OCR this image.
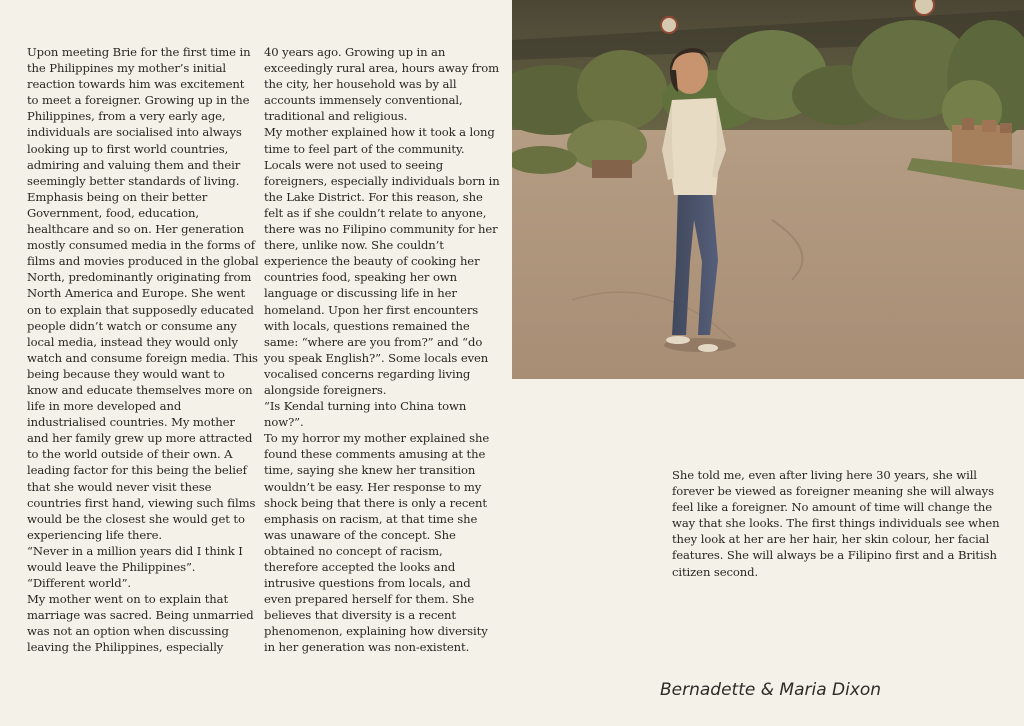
Upon meeting Brie for the first time in the Philippines my mother’s initial reaction towards him was excitement to meet a foreigner. Growing up in the Philippines, from a very early age, individuals are socialised into always looking up to first world countries, admiring and valuing them and their seemingly better standards of living. Emphasis being on their better Government, food, education, healthcare and so on. Her generation mostly consumed media in the forms of films and movies produced in the global North, predominantly originating from North America and Europe. She went on to explain that supposedly educated people didn’t watch or consume any local media, instead they would only watch and consume foreign media. This being because they would want to know and educate themselves more on life in more developed and industrialised countries. My mother and her family grew up more attracted to the world outside of their own. A leading factor for this being the belief that she would never visit these countries first hand, viewing such films would be the closest she would get to experiencing life there.

“Never in a million years did I think I would leave the Philippines”.

“Different world”.

My mother went on to explain that marriage was sacred. Being unmarried was not an option when discussing leaving the Philippines, especially

40 years ago. Growing up in an exceedingly rural area, hours away from the city, her household was by all accounts immensely conventional, traditional and religious.

My mother explained how it took a long time to feel part of the community. Locals were not used to seeing foreigners, especially individuals born in the Lake District. For this reason, she felt as if she couldn’t relate to anyone, there was no Filipino community for her there, unlike now. She couldn’t experience the beauty of cooking her countries food, speaking her own language or discussing life in her homeland. Upon her first encounters with locals, questions remained the same: “where are you from?” and “do you speak English?”. Some locals even vocalised concerns regarding living alongside foreigners.

“Is Kendal turning into China town now?”.

To my horror my mother explained she found these comments amusing at the time, saying she knew her transition wouldn’t be easy. Her response to my shock being that there is only a recent emphasis on racism, at that time she was unaware of the concept. She obtained no concept of racism, therefore accepted the looks and intrusive questions from locals, and even prepared herself for them. She believes that diversity is a recent phenomenon, explaining how diversity in her generation was non-existent.

She told me, even after living here 30 years, she will forever be viewed as foreigner meaning she will always feel like a foreigner. No amount of time will change the way that she looks. The first things individuals see when they look at her are her hair, her skin colour, her facial features. She will always be a Filipino first and a British citizen second.

Bernadette & Maria Dixon
